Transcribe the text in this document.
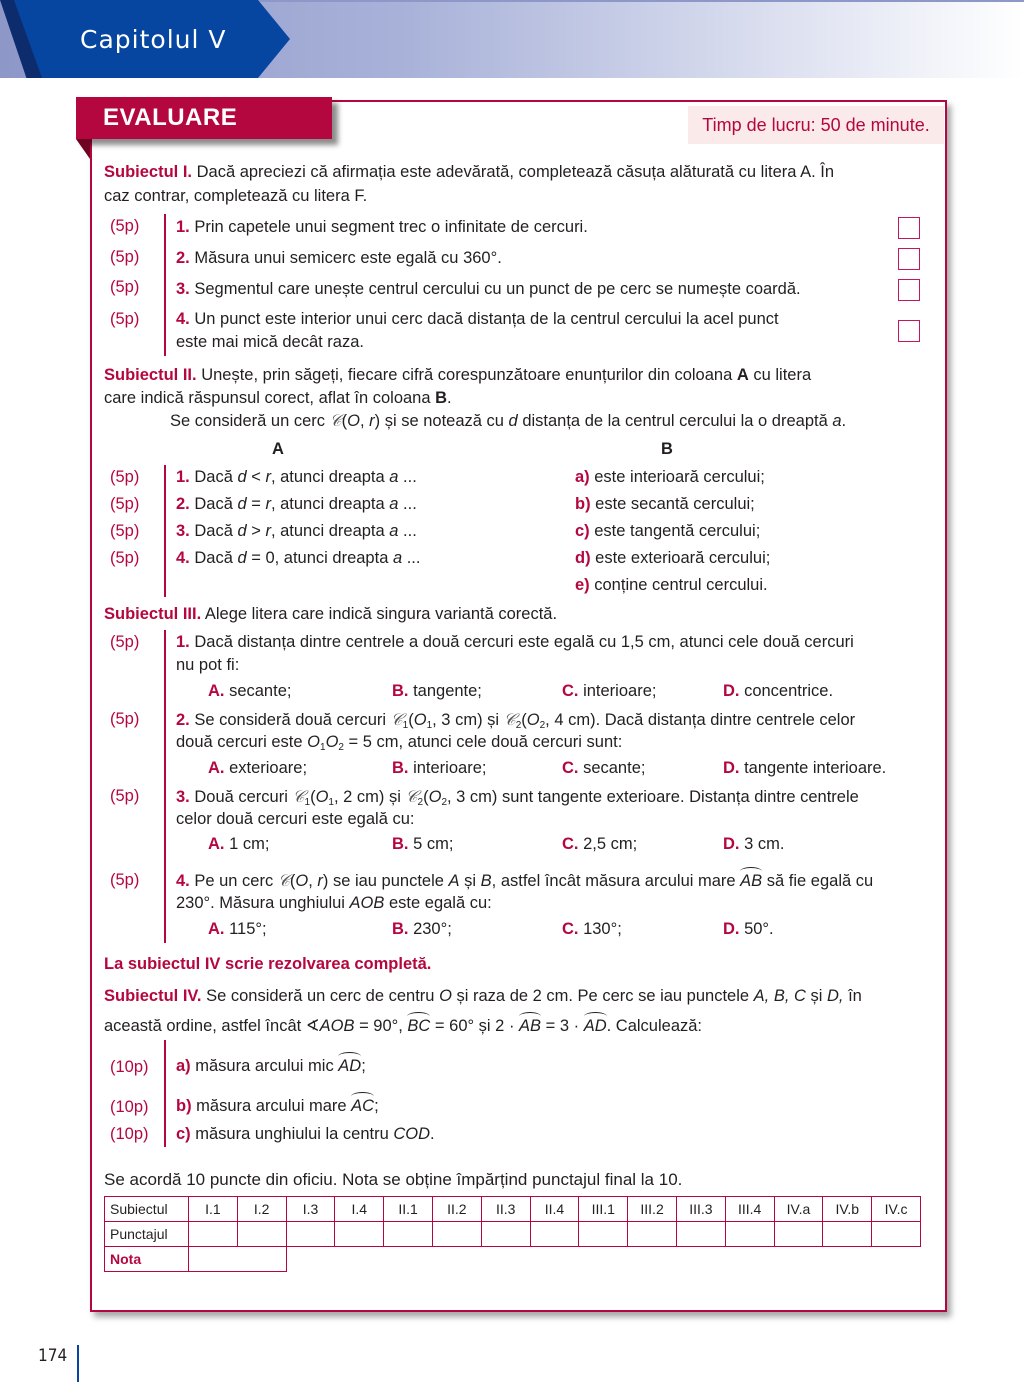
Capitolul V
EVALUARE	Timp de lucru: 50 de minute.
Subiectul I. Dacă apreciezi că afirmația este adevărată, completează căsuța alăturată cu litera A. În
caz contrar, completează cu litera F.
(5p) 1. Prin capetele unui segment trec o infinitate de cercuri.
(5p) 2. Măsura unui semicerc este egală cu 360°.
(5p) 3. Segmentul care unește centrul cercului cu un punct de pe cerc se numește coardă.
(5p) 4. Un punct este interior unui cerc dacă distanța de la centrul cercului la acel punct
este mai mică decât raza.
Subiectul II. Unește, prin săgeți, fiecare cifră corespunzătoare enunțurilor din coloana A cu litera
care indică răspunsul corect, aflat în coloana B.
Se consideră un cerc 𝒞(O, r) și se notează cu d distanța de la centrul cercului la o dreaptă a.
A	B
(5p) 1. Dacă d < r, atunci dreapta a ...
(5p) 2. Dacă d = r, atunci dreapta a ...
(5p) 3. Dacă d > r, atunci dreapta a ...
(5p) 4. Dacă d = 0, atunci dreapta a ...
a) este interioară cercului;
b) este secantă cercului;
c) este tangentă cercului;
d) este exterioară cercului;
e) conține centrul cercului.
Subiectul III. Alege litera care indică singura variantă corectă.
(5p) 1. Dacă distanța dintre centrele a două cercuri este egală cu 1,5 cm, atunci cele două cercuri
nu pot fi:
A. secante;	B. tangente;	C. interioare;	D. concentrice.
(5p) 2. Se consideră două cercuri $𝒞_1(O_1$, 3 cm) și $𝒞_2(O_2$, 4 cm). Dacă distanța dintre centrele celor
două cercuri este $O_1O_2 = 5$ cm, atunci cele două cercuri sunt:
A. exterioare;	B. interioare;	C. secante;	D. tangente interioare.
(5p) 3. Două cercuri $𝒞_1(O_1$, 2 cm) și $𝒞_2(O_2$, 3 cm) sunt tangente exterioare. Distanța dintre centrele
celor două cercuri este egală cu:
A. 1 cm;	B. 5 cm;	C. 2,5 cm;	D. 3 cm.
(5p) 4. Pe un cerc 𝒞(O, r) se iau punctele A și B, astfel încât măsura arcului mare AB să fie egală cu
230°. Măsura unghiului AOB este egală cu:
A. 115°;	B. 230°;	C. 130°;	D. 50°.
La subiectul IV scrie rezolvarea completă.
Subiectul IV. Se consideră un cerc de centru O și raza de 2 cm. Pe cerc se iau punctele A, B, C și D, în
această ordine, astfel încât ∢AOB = 90°, BC = 60° și 2 · AB = 3 · AD. Calculează:
(10p) a) măsura arcului mic AD;
(10p) b) măsura arcului mare AC;
(10p) c) măsura unghiului la centru COD.
Se acordă 10 puncte din oficiu. Nota se obține împărțind punctajul final la 10.
Subiectul	I.1	I.2	I.3	I.4	II.1	II.2	II.3	II.4	III.1	III.2	III.3	III.4	IV.a	IV.b	IV.c
Punctajul															
Nota															
174
